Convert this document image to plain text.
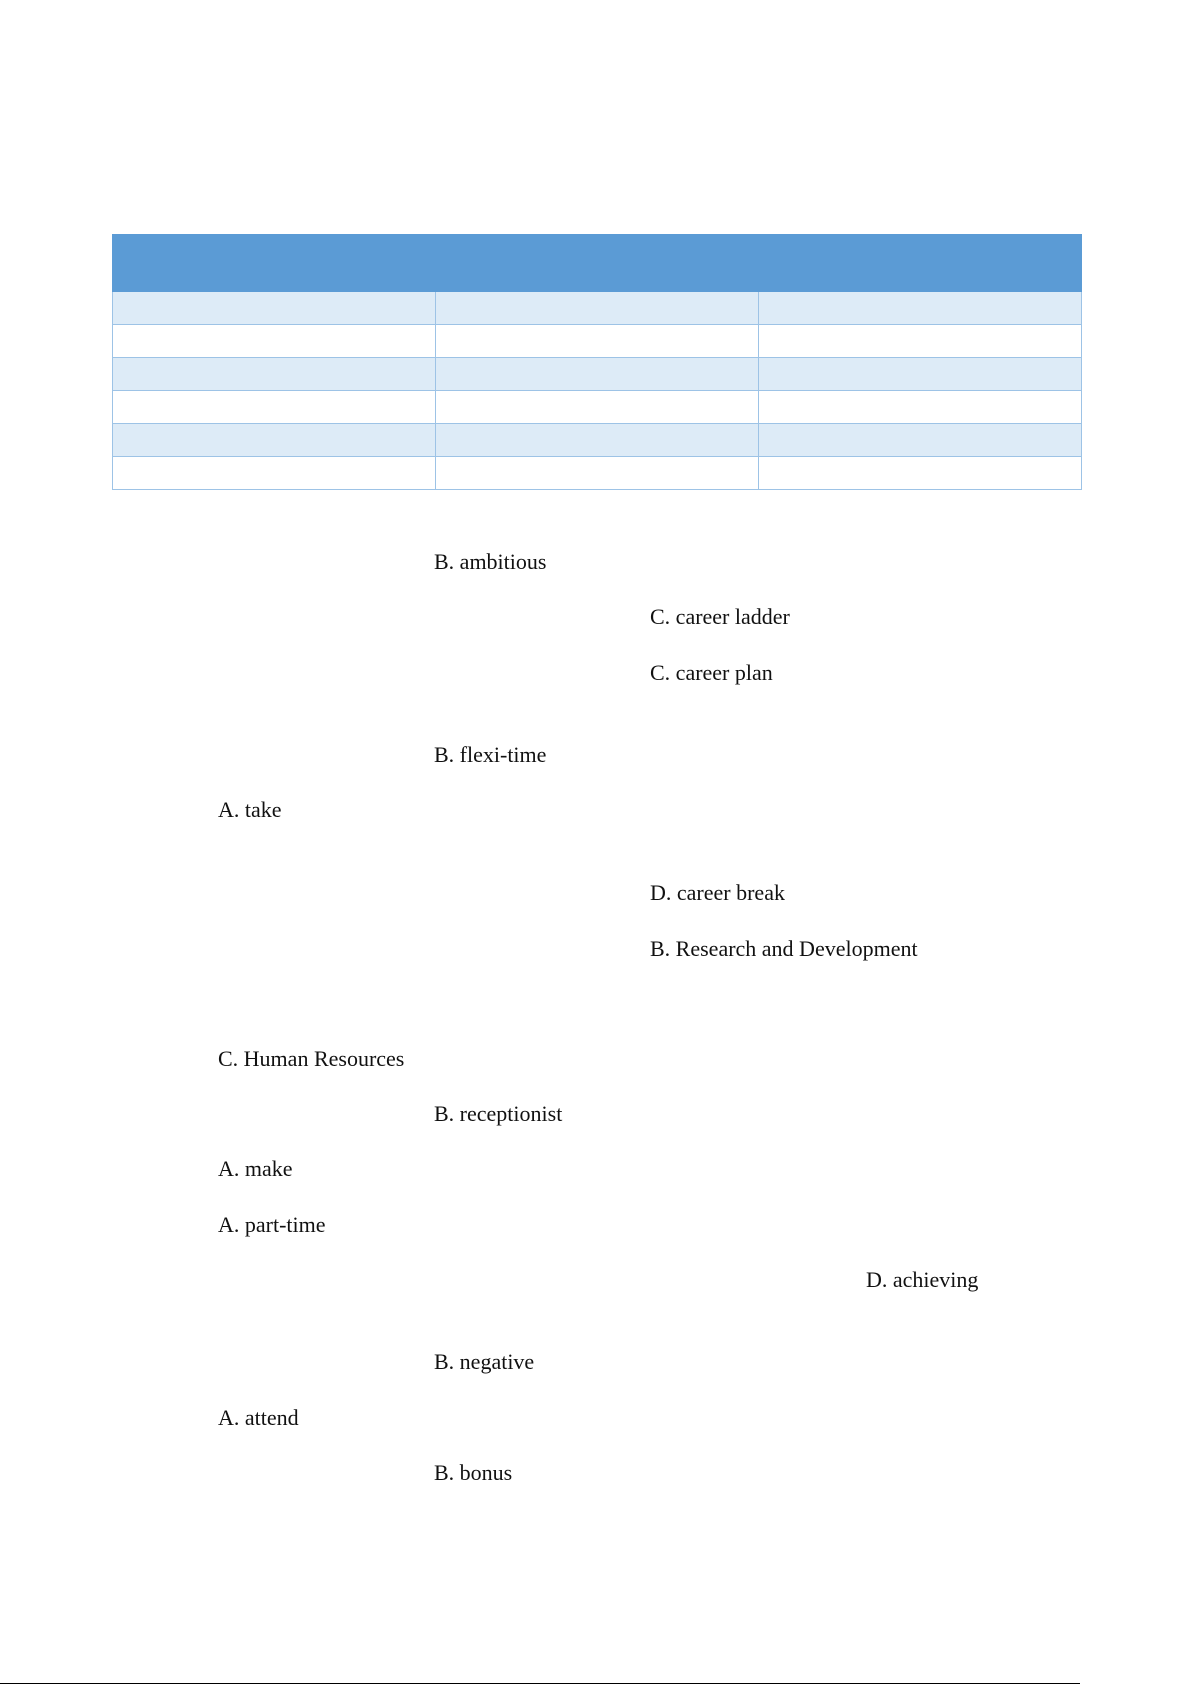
B. ambitious
C. career ladder
C. career plan
B. flexi-time
A. take
D. career break
B. Research and Development
C. Human Resources
B. receptionist
A. make
A. part-time
D. achieving
B. negative
A. attend
B. bonus
